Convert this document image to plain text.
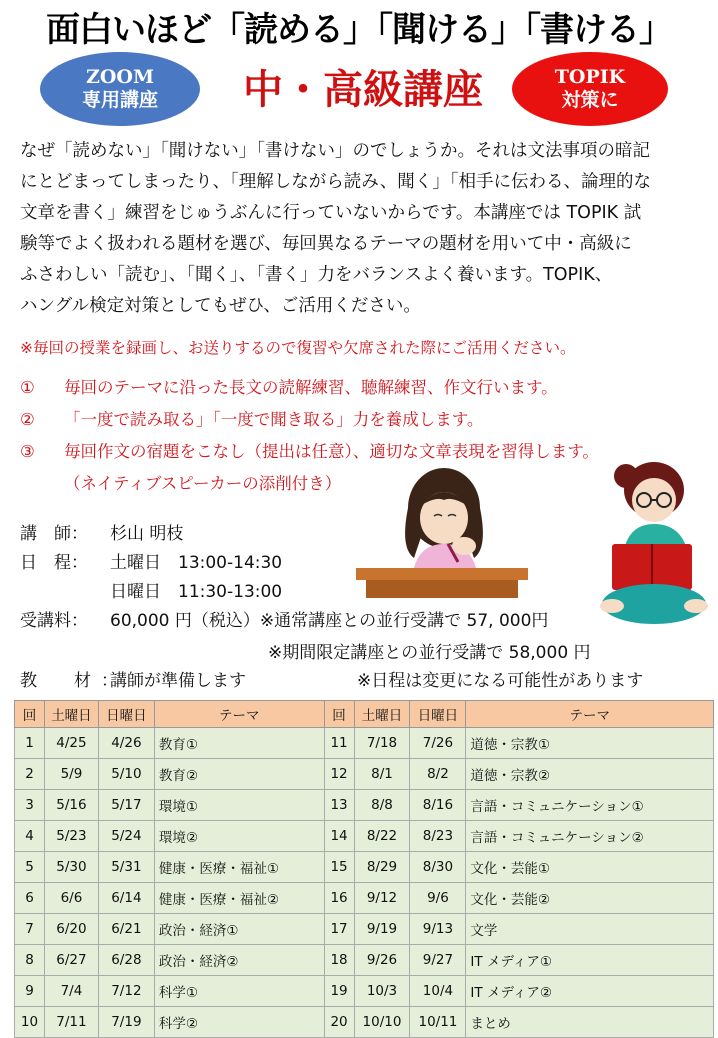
面白いほど「読める」「聞ける」「書ける」
ZOOM
専用講座	中・高級講座	TOPIK
対策に
なぜ「読めない」「聞けない」「書けない」のでしょうか。それは文法事項の暗記
にとどまってしまったり、「理解しながら読み、聞く」「相手に伝わる、論理的な
文章を書く」練習をじゅうぶんに行っていないからです。本講座では TOPIK 試
験等でよく扱われる題材を選び、毎回異なるテーマの題材を用いて中・高級に
ふさわしい「読む」、「聞く」、「書く」力をバランスよく養います。TOPIK、
ハングル検定対策としてもぜひ、ご活用ください。
※毎回の授業を録画し、お送りするので復習や欠席された際にご活用ください。
① 毎回のテーマに沿った長文の読解練習、聴解練習、作文行います。
② 「一度で読み取る」「一度で聞き取る」力を養成します。
③ 毎回作文の宿題をこなし（提出は任意）、適切な文章表現を習得します。
（ネイティブスピーカーの添削付き）
講　師： 杉山 明枝
日　程： 土曜日　13:00-14:30
日曜日　11:30-13:00
受講料： 60,000 円（税込）※通常講座との並行受講で 57, 000円
※期間限定講座との並行受講で 58,000 円
教　材：講師が準備します	※日程は変更になる可能性があります
回	土曜日	日曜日	テーマ	回	土曜日	日曜日	テーマ
1	4/25	4/26	教育①	11	7/18	7/26	道徳・宗教①
2	5/9	5/10	教育②	12	8/1	8/2	道徳・宗教②
3	5/16	5/17	環境①	13	8/8	8/16	言語・コミュニケーション①
4	5/23	5/24	環境②	14	8/22	8/23	言語・コミュニケーション②
5	5/30	5/31	健康・医療・福祉①	15	8/29	8/30	文化・芸能①
6	6/6	6/14	健康・医療・福祉②	16	9/12	9/6	文化・芸能②
7	6/20	6/21	政治・経済①	17	9/19	9/13	文学
8	6/27	6/28	政治・経済②	18	9/26	9/27	IT メディア①
9	7/4	7/12	科学①	19	10/3	10/4	IT メディア②
10	7/11	7/19	科学②	20	10/10	10/11	まとめ
